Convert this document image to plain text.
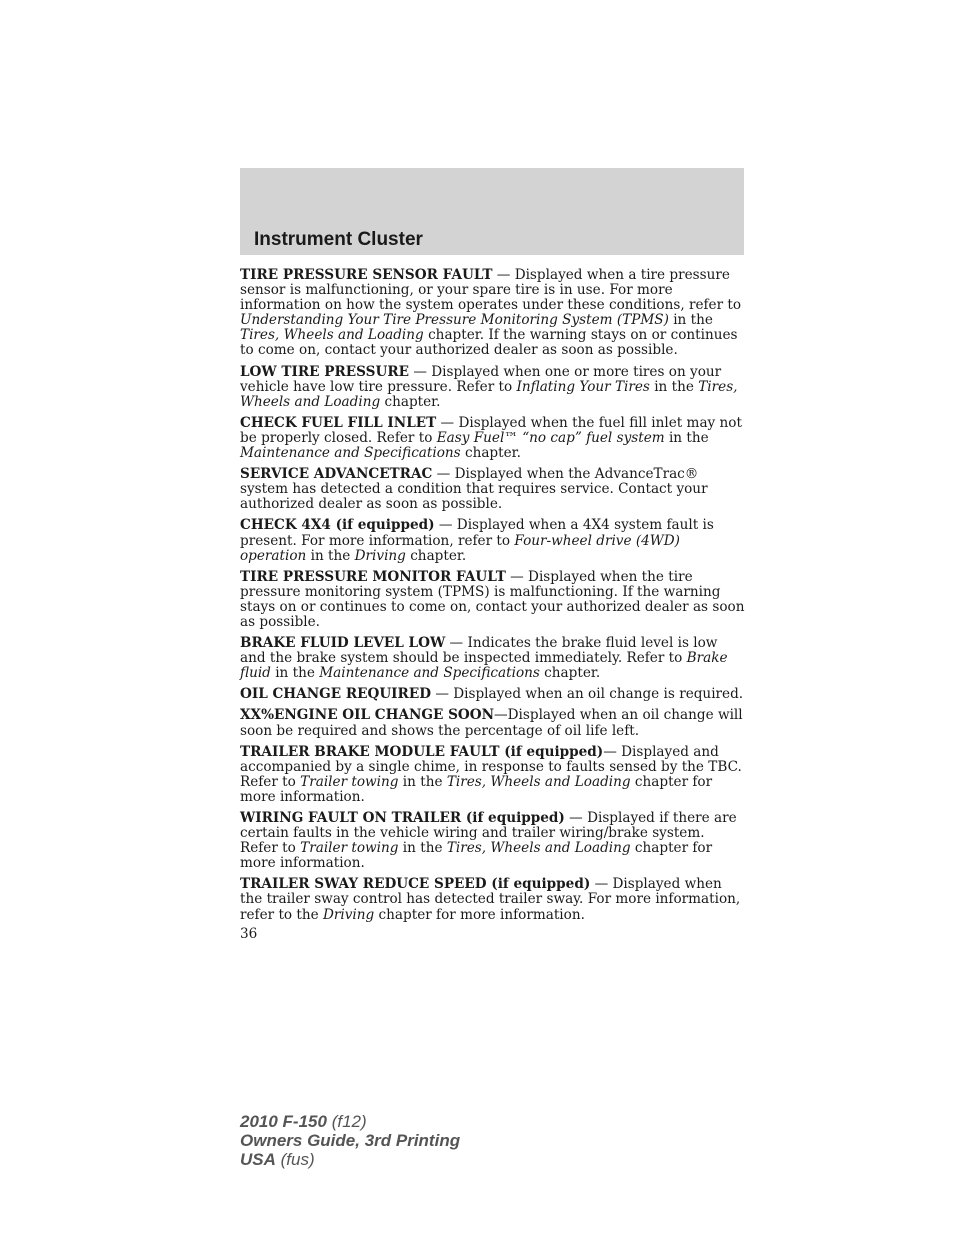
Instrument Cluster

TIRE PRESSURE SENSOR FAULT — Displayed when a tire pressure sensor is malfunctioning, or your spare tire is in use. For more information on how the system operates under these conditions, refer to Understanding Your Tire Pressure Monitoring System (TPMS) in the Tires, Wheels and Loading chapter. If the warning stays on or continues to come on, contact your authorized dealer as soon as possible.

LOW TIRE PRESSURE — Displayed when one or more tires on your vehicle have low tire pressure. Refer to Inflating Your Tires in the Tires, Wheels and Loading chapter.

CHECK FUEL FILL INLET — Displayed when the fuel fill inlet may not be properly closed. Refer to Easy Fuel™ “no cap” fuel system in the Maintenance and Specifications chapter.

SERVICE ADVANCETRAC — Displayed when the AdvanceTrac® system has detected a condition that requires service. Contact your authorized dealer as soon as possible.

CHECK 4X4 (if equipped) — Displayed when a 4X4 system fault is present. For more information, refer to Four-wheel drive (4WD) operation in the Driving chapter.

TIRE PRESSURE MONITOR FAULT — Displayed when the tire pressure monitoring system (TPMS) is malfunctioning. If the warning stays on or continues to come on, contact your authorized dealer as soon as possible.

BRAKE FLUID LEVEL LOW — Indicates the brake fluid level is low and the brake system should be inspected immediately. Refer to Brake fluid in the Maintenance and Specifications chapter.

OIL CHANGE REQUIRED — Displayed when an oil change is required.

XX%ENGINE OIL CHANGE SOON—Displayed when an oil change will soon be required and shows the percentage of oil life left.

TRAILER BRAKE MODULE FAULT (if equipped)— Displayed and accompanied by a single chime, in response to faults sensed by the TBC. Refer to Trailer towing in the Tires, Wheels and Loading chapter for more information.

WIRING FAULT ON TRAILER (if equipped) — Displayed if there are certain faults in the vehicle wiring and trailer wiring/brake system. Refer to Trailer towing in the Tires, Wheels and Loading chapter for more information.

TRAILER SWAY REDUCE SPEED (if equipped) — Displayed when the trailer sway control has detected trailer sway. For more information, refer to the Driving chapter for more information.

36
2010 F-150 (f12)
Owners Guide, 3rd Printing
USA (fus)
